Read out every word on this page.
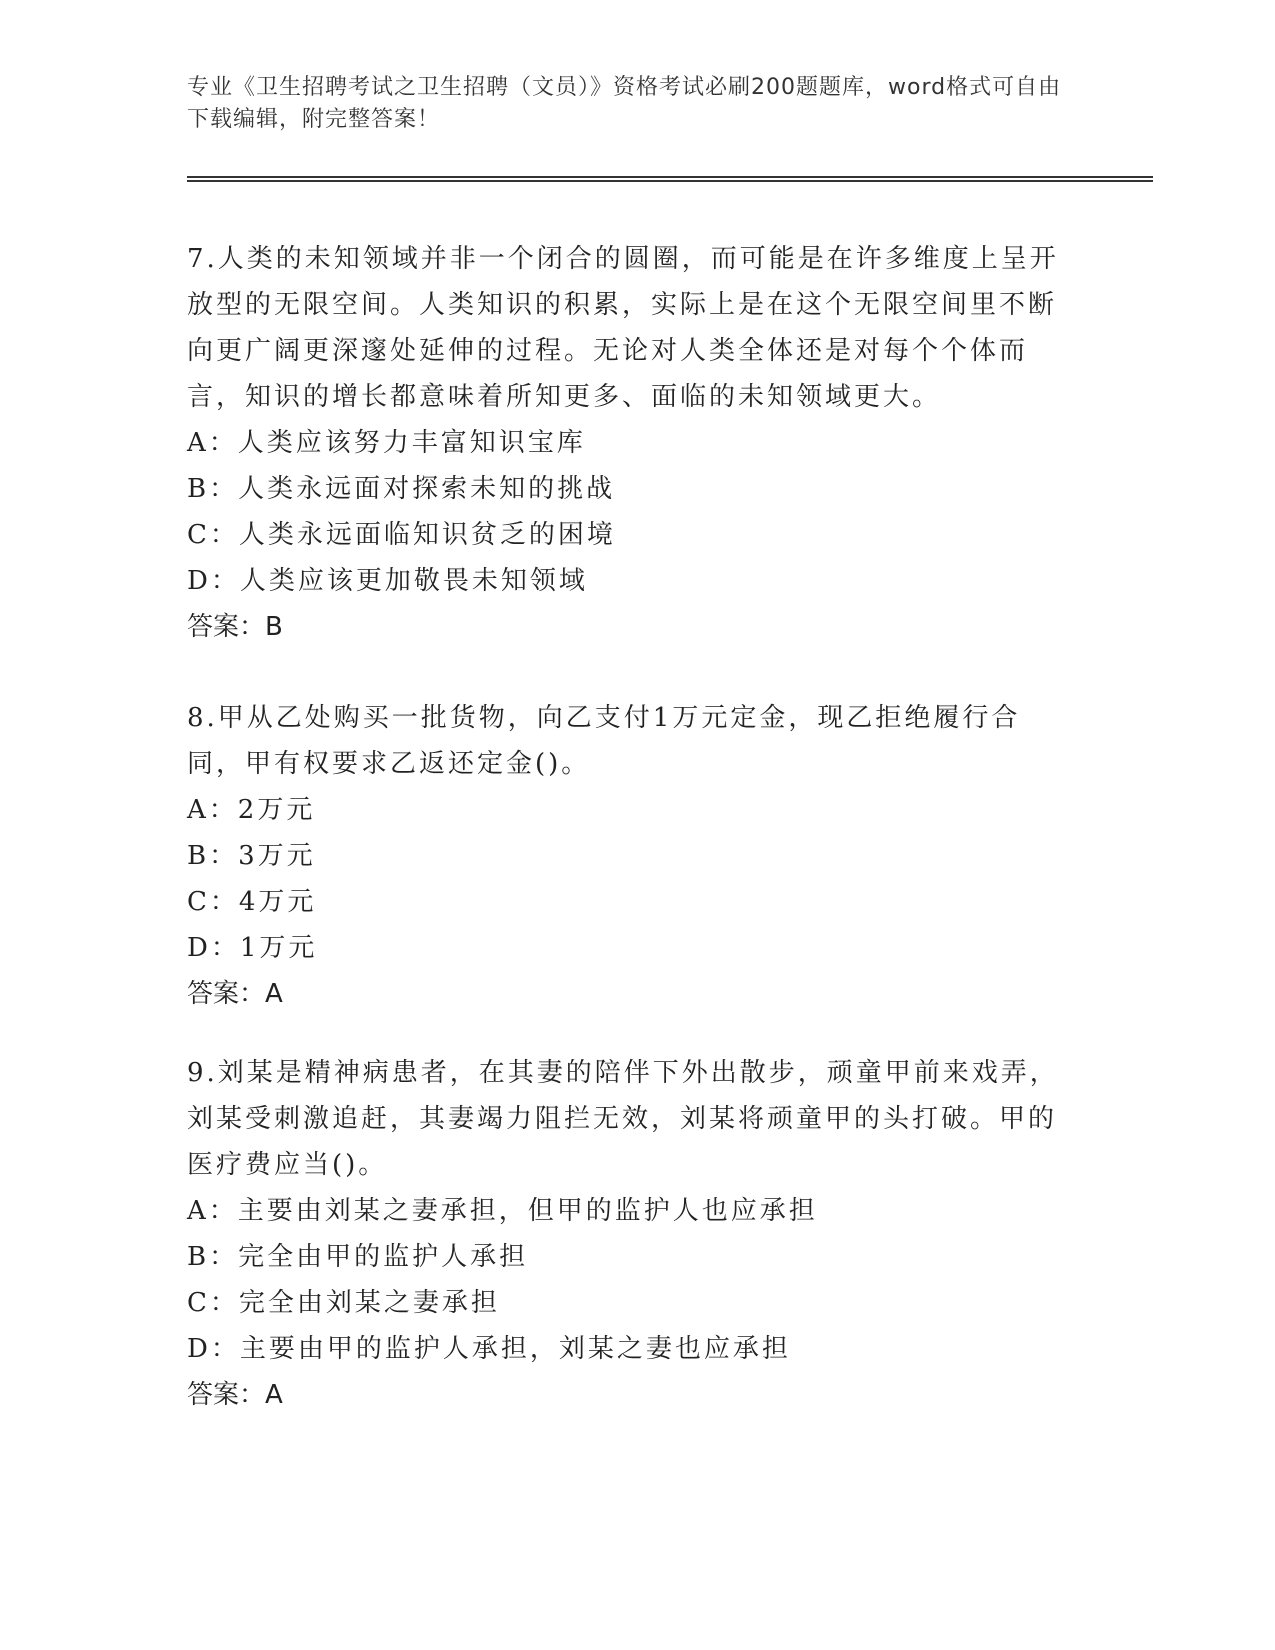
专业《卫生招聘考试之卫生招聘（文员）》资格考试必刷200题题库，word格式可自由下载编辑，附完整答案！

7.人类的未知领域并非一个闭合的圆圈，而可能是在许多维度上呈开放型的无限空间。人类知识的积累，实际上是在这个无限空间里不断向更广阔更深邃处延伸的过程。无论对人类全体还是对每个个体而言，知识的增长都意味着所知更多、面临的未知领域更大。

A：人类应该努力丰富知识宝库

B：人类永远面对探索未知的挑战

C：人类永远面临知识贫乏的困境

D：人类应该更加敬畏未知领域

答案：B

8.甲从乙处购买一批货物，向乙支付1万元定金，现乙拒绝履行合同，甲有权要求乙返还定金()。

A：2万元

B：3万元

C：4万元

D：1万元

答案：A

9.刘某是精神病患者，在其妻的陪伴下外出散步，顽童甲前来戏弄，刘某受刺激追赶，其妻竭力阻拦无效，刘某将顽童甲的头打破。甲的医疗费应当()。

A：主要由刘某之妻承担，但甲的监护人也应承担

B：完全由甲的监护人承担

C：完全由刘某之妻承担

D：主要由甲的监护人承担，刘某之妻也应承担

答案：A
